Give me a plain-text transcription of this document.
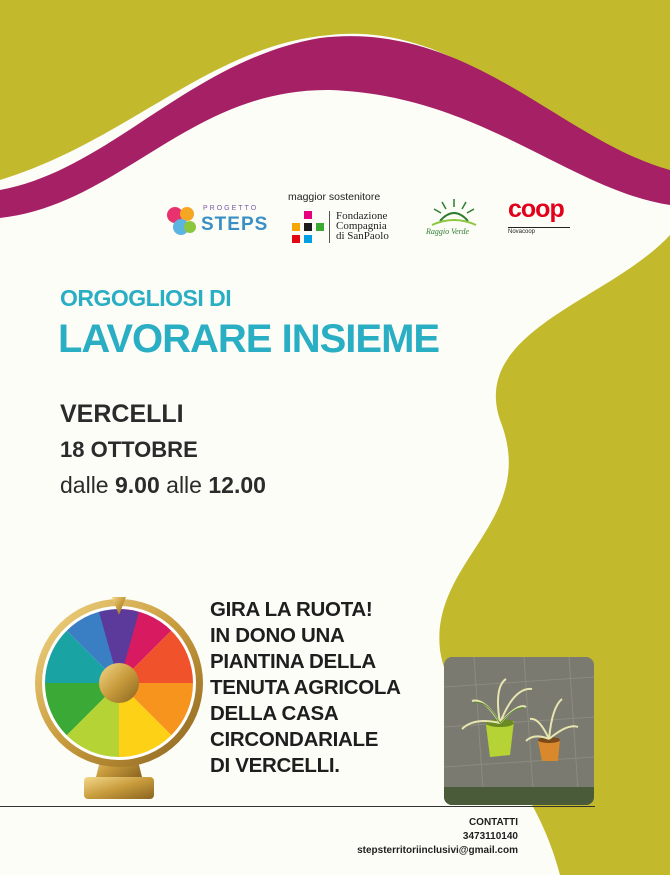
PROGETTO
STEPS
maggior sostenitore
Fondazione
Compagnia
di SanPaolo	Raggio Verde
coop
Novacoop
ORGOGLIOSI DI
LAVORARE INSIEME
VERCELLI
18 OTTOBRE
dalle 9.00 alle 12.00
GIRA LA RUOTA!
IN DONO UNA
PIANTINA DELLA
TENUTA AGRICOLA
DELLA CASA
CIRCONDARIALE
DI VERCELLI.
CONTATTI
3473110140
stepsterritoriinclusivi@gmail.com
